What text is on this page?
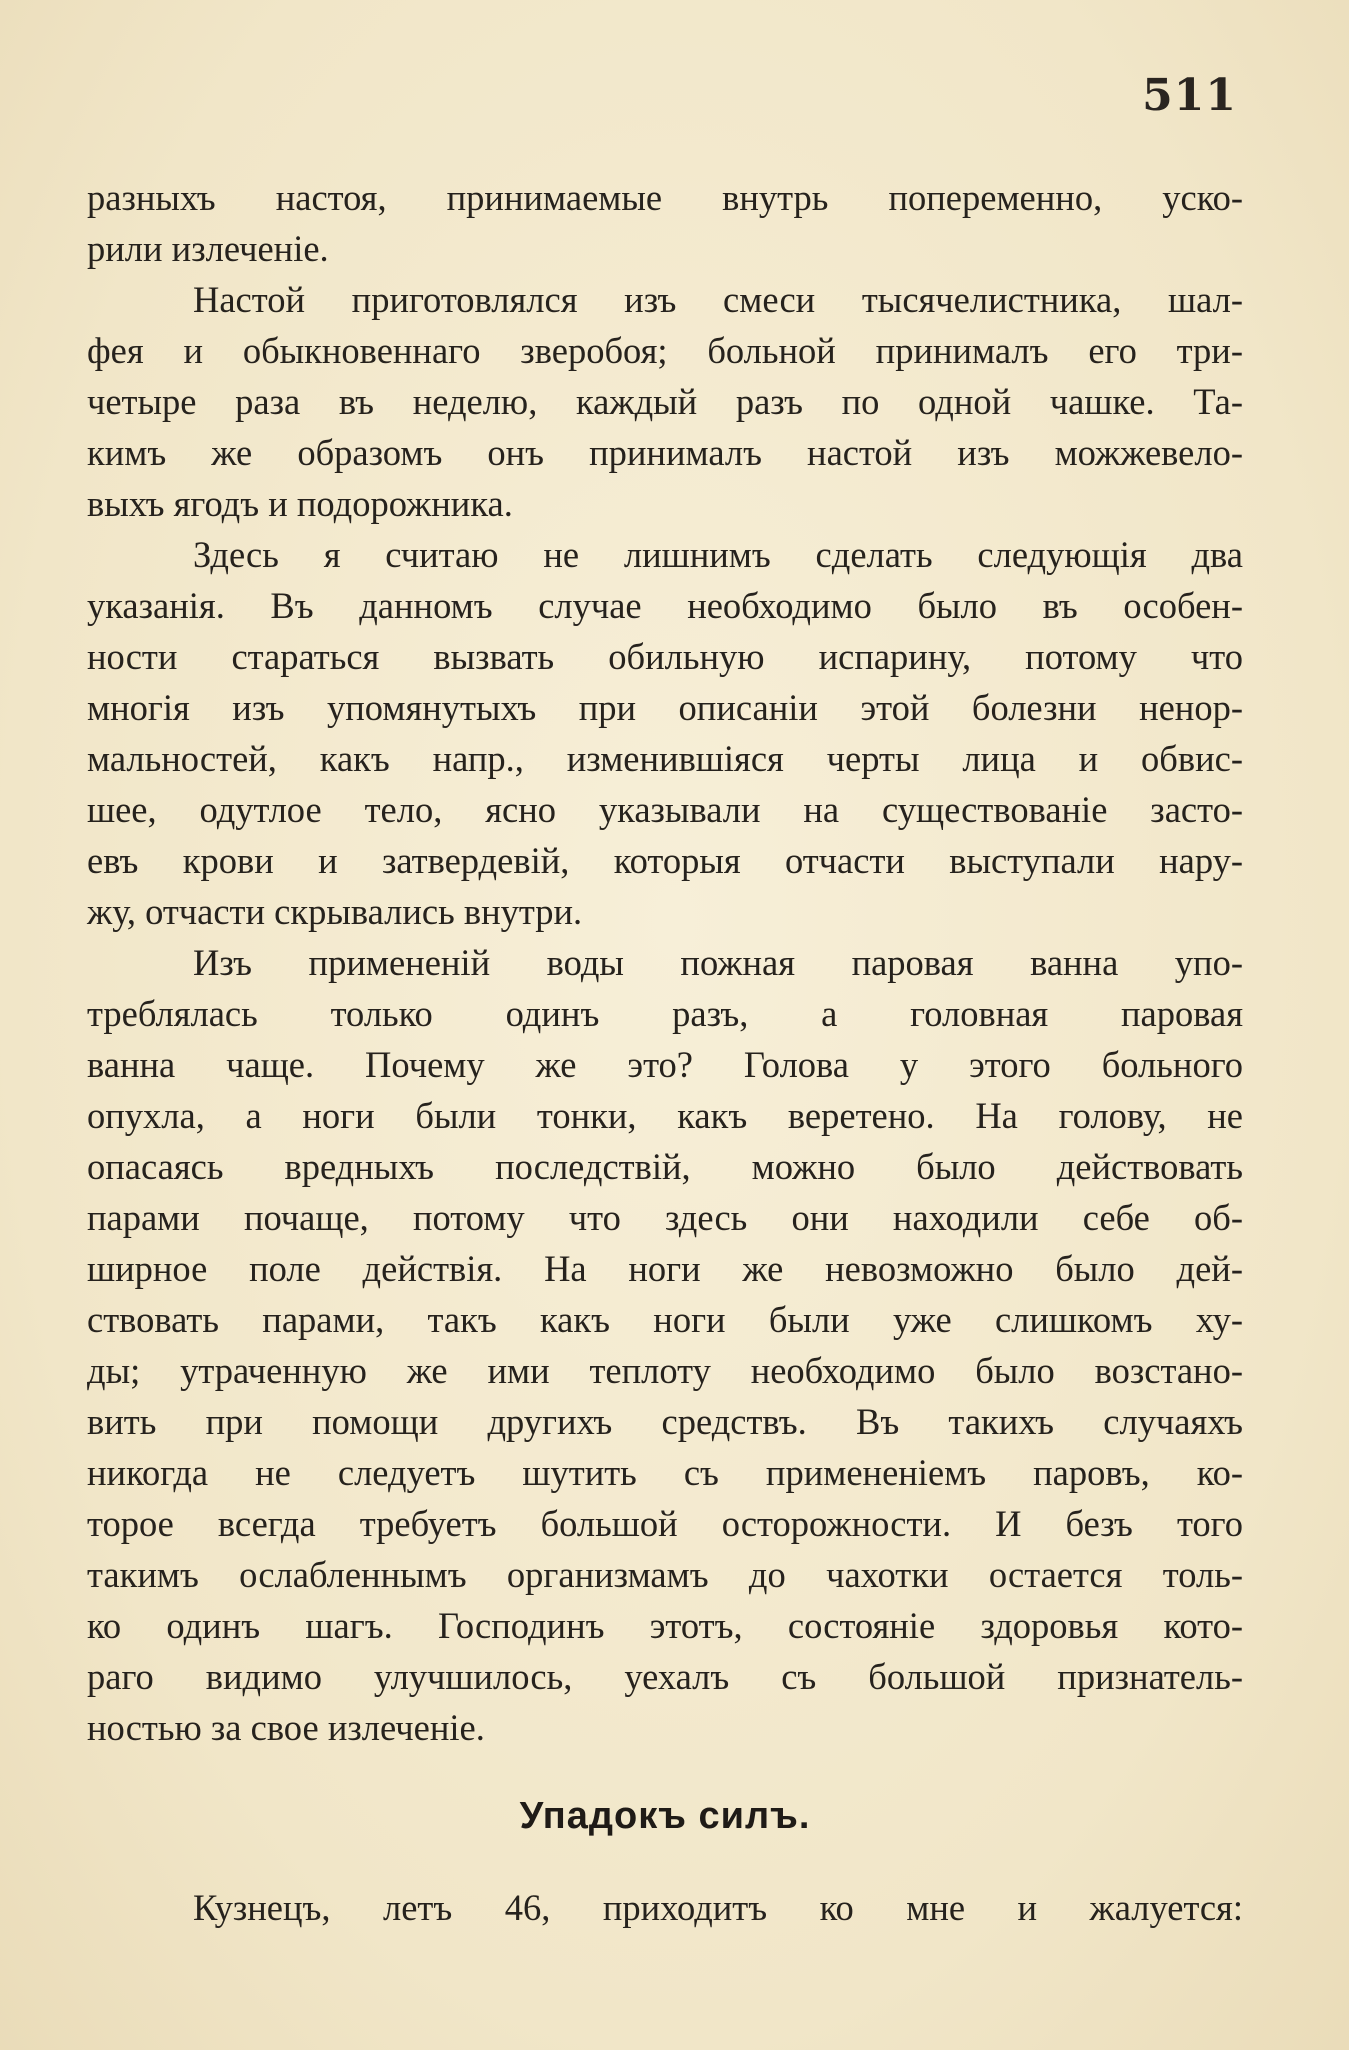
511
разныхъ настоя, принимаемые внутрь попеременно, уско-
рили излеченіе.
Настой приготовлялся изъ смеси тысячелистника, шал-
фея и обыкновеннаго зверобоя; больной принималъ его три-
четыре раза въ неделю, каждый разъ по одной чашке. Та-
кимъ же образомъ онъ принималъ настой изъ можжевело-
выхъ ягодъ и подорожника.
Здесь я считаю не лишнимъ сделать следующія два
указанія. Въ данномъ случае необходимо было въ особен-
ности стараться вызвать обильную испарину, потому что
многія изъ упомянутыхъ при описаніи этой болезни ненор-
мальностей, какъ напр., изменившіяся черты лица и обвис-
шее, одутлое тело, ясно указывали на существованіе засто-
евъ крови и затвердевій, которыя отчасти выступали нару-
жу, отчасти скрывались внутри.
Изъ примененій воды пожная паровая ванна упо-
треблялась только одинъ разъ, а головная паровая
ванна чаще. Почему же это? Голова у этого больного
опухла, а ноги были тонки, какъ веретено. На голову, не
опасаясь вредныхъ последствій, можно было действовать
парами почаще, потому что здесь они находили себе об-
ширное поле действія. На ноги же невозможно было дей-
ствовать парами, такъ какъ ноги были уже слишкомъ ху-
ды; утраченную же ими теплоту необходимо было возстано-
вить при помощи другихъ средствъ. Въ такихъ случаяхъ
никогда не следуетъ шутить съ примененіемъ паровъ, ко-
торое всегда требуетъ большой осторожности. И безъ того
такимъ ослабленнымъ организмамъ до чахотки остается толь-
ко одинъ шагъ. Господинъ этотъ, состояніе здоровья кото-
раго видимо улучшилось, уехалъ съ большой признатель-
ностью за свое излеченіе.
Упадокъ силъ.
Кузнецъ, летъ 46, приходитъ ко мне и жалуется:
